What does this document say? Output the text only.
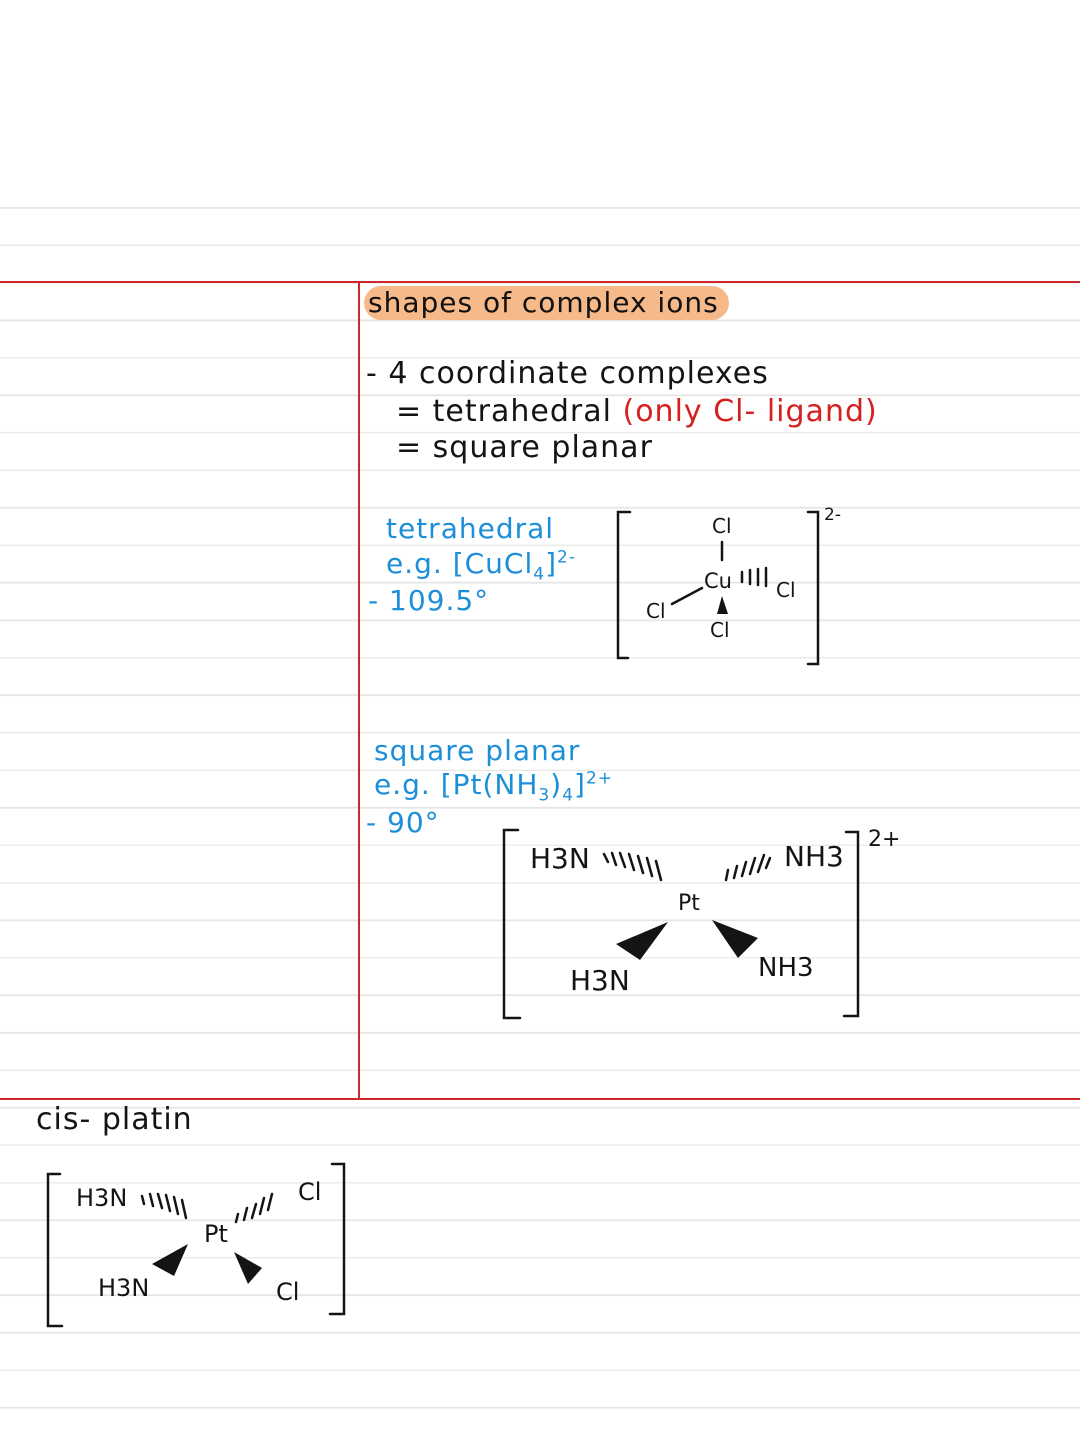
shapes of complex ions
- 4 coordinate complexes
= tetrahedral (only Cl- ligand)
= square planar
tetrahedral
e.g. [CuCl$_4$]$^{2-}$
- 109.5°
Cl
Cu
Cl
Cl
Cl
2-
square planar
e.g. $[Pt(NH_3)_4]^{2+}$
- 90°
H3N
Pt
NH3
H3N	NH3
2+
cis- platin
H3N
Pt
Cl
H3N	Cl
